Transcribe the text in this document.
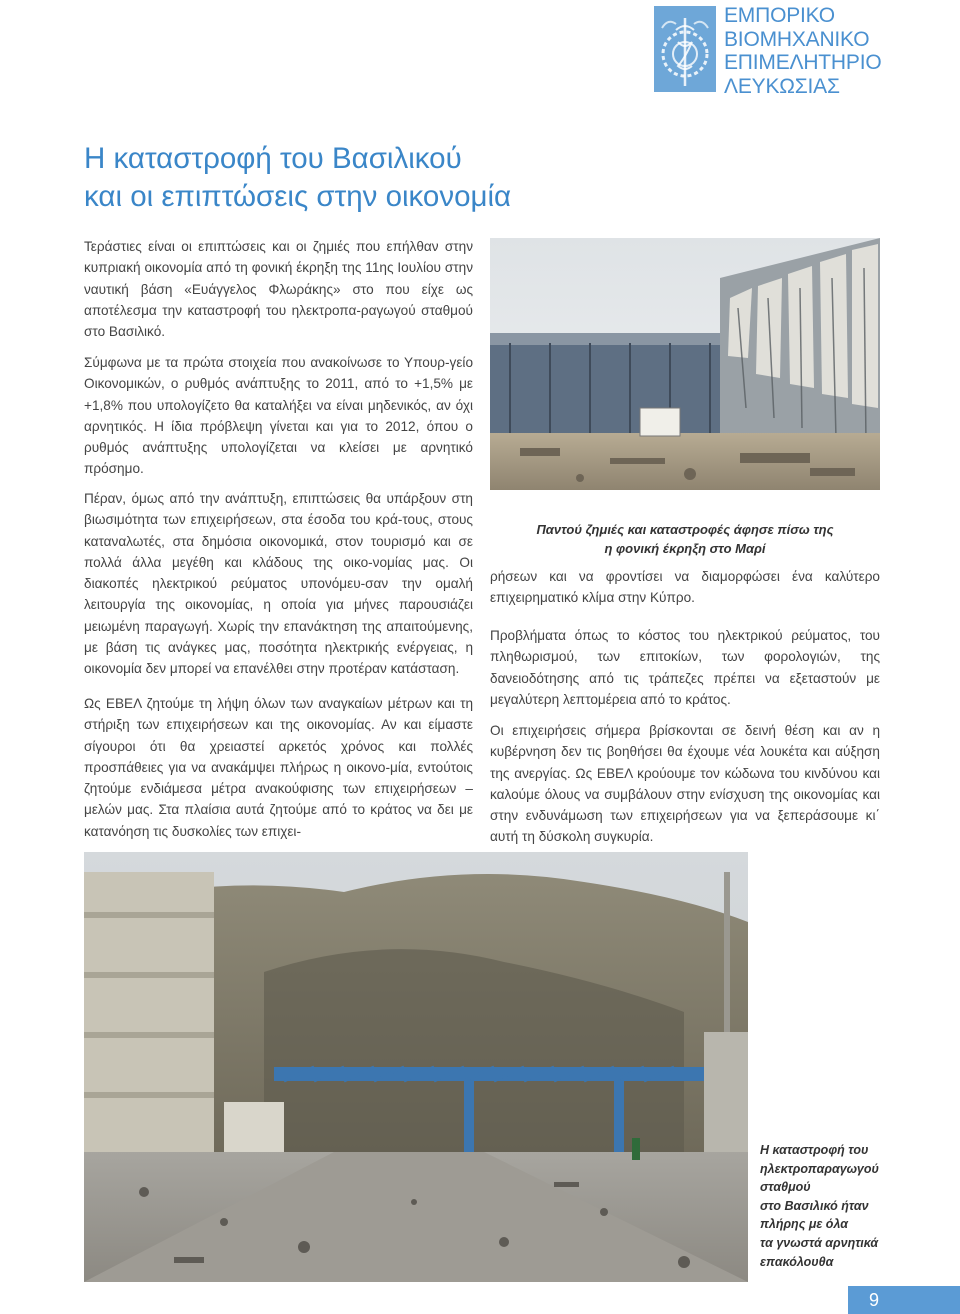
ΕΜΠΟΡΙΚΟ
ΒΙΟΜΗΧΑΝΙΚΟ
ΕΠΙΜΕΛΗΤΗΡΙΟ
ΛΕΥΚΩΣΙΑΣ
Η καταστροφή του Βασιλικού
και οι επιπτώσεις στην οικονομία

Τεράστιες είναι οι επιπτώσεις και οι ζημιές που επήλθαν στην κυπριακή οικονομία από τη φονική έκρηξη της 11ης Ιουλίου στην ναυτική βάση «Ευάγγελος Φλωράκης» στο που είχε ως αποτέλεσμα την καταστροφή του ηλεκτροπα-ραγωγού σταθμού στο Βασιλικό.

Σύμφωνα με τα πρώτα στοιχεία που ανακοίνωσε το Υπουρ-γείο Οικονομικών, ο ρυθμός ανάπτυξης το 2011, από το +1,5% με +1,8% που υπολογίζετο θα καταλήξει να είναι μηδενικός, αν όχι αρνητικός. Η ίδια πρόβλεψη γίνεται και για το 2012, όπου ο ρυθμός ανάπτυξης υπολογίζεται να κλείσει με αρνητικό πρόσημο.

Πέραν, όμως από την ανάπτυξη, επιπτώσεις θα υπάρξουν στη βιωσιμότητα των επιχειρήσεων, στα έσοδα του κρά-τους, στους καταναλωτές, στα δημόσια οικονομικά, στον τουρισμό και σε πολλά άλλα μεγέθη και κλάδους της οικο-νομίας μας. Οι διακοπές ηλεκτρικού ρεύματος υπονόμευ-σαν την ομαλή λειτουργία της οικονομίας, η οποία για μήνες παρουσιάζει μειωμένη παραγωγή. Χωρίς την επανάκτηση της απαιτούμενης, με βάση τις ανάγκες μας, ποσότητα ηλεκτρικής ενέργειας, η οικονομία δεν μπορεί να επανέλθει στην προτέραν κατάσταση.

Ως ΕΒΕΛ ζητούμε τη λήψη όλων των αναγκαίων μέτρων και τη στήριξη των επιχειρήσεων και της οικονομίας. Αν και είμαστε σίγουροι ότι θα χρειαστεί αρκετός χρόνος και πολλές προσπάθειες για να ανακάμψει πλήρως η οικονο-μία, εντούτοις ζητούμε ενδιάμεσα μέτρα ανακούφισης των επιχειρήσεων – μελών μας. Στα πλαίσια αυτά ζητούμε από το κράτος να δει με κατανόηση τις δυσκολίες των επιχει-

Παντού ζημιές και καταστροφές άφησε πίσω της
η φονική έκρηξη στο Μαρί

ρήσεων και να φροντίσει να διαμορφώσει ένα καλύτερο επιχειρηματικό κλίμα στην Κύπρο.

Προβλήματα όπως το κόστος του ηλεκτρικού ρεύματος, του πληθωρισμού, των επιτοκίων, των φορολογιών, της δανειοδότησης από τις τράπεζες πρέπει να εξεταστούν με μεγαλύτερη λεπτομέρεια από το κράτος.

Οι επιχειρήσεις σήμερα βρίσκονται σε δεινή θέση και αν η κυβέρνηση δεν τις βοηθήσει θα έχουμε νέα λουκέτα και αύξηση της ανεργίας. Ως ΕΒΕΛ κρούουμε τον κώδωνα του κινδύνου και καλούμε όλους να συμβάλουν στην ενίσχυση της οικονομίας και στην ενδυνάμωση των επιχειρήσεων για να ξεπεράσουμε κι΄ αυτή τη δύσκολη συγκυρία.

Η καταστροφή του
ηλεκτροπαραγωγού
σταθμού
στο Βασιλικό ήταν
πλήρης με όλα
τα γνωστά αρνητικά
επακόλουθα
9
